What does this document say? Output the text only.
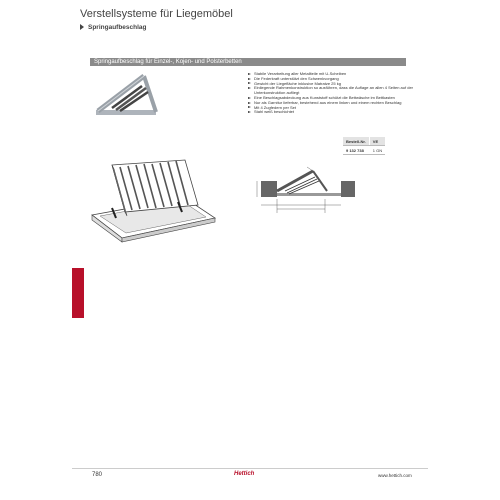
Verstellsysteme für Liegemöbel
Springaufbeschlag
Springaufbeschlag für Einzel-, Kojen- und Polsterbetten
Stabile Verarbeitung aller Metallteile mit U-Scheiben
Die Federkraft unterstützt den Schwenkvorgang
Gewicht der Liegefläche inklusive Matratze 25 kg
Einliegende Rahmenkonstruktion so ausführen, dass die Auflage an allen 4 Seiten auf der Unterkonstruktion aufliegt
Eine Beschlagsabdeckung aus Kunststoff schützt die Bettwäsche im Bettkasten
Nur als Garnitur lieferbar, bestehend aus einem linken und einem rechten Beschlag
Mit 4 Zugfedern per Set
Stahl weiß beschichtet
Bestell-Nr.	VE
9 132 738	1 GN
780	Hettich	www.hettich.com
